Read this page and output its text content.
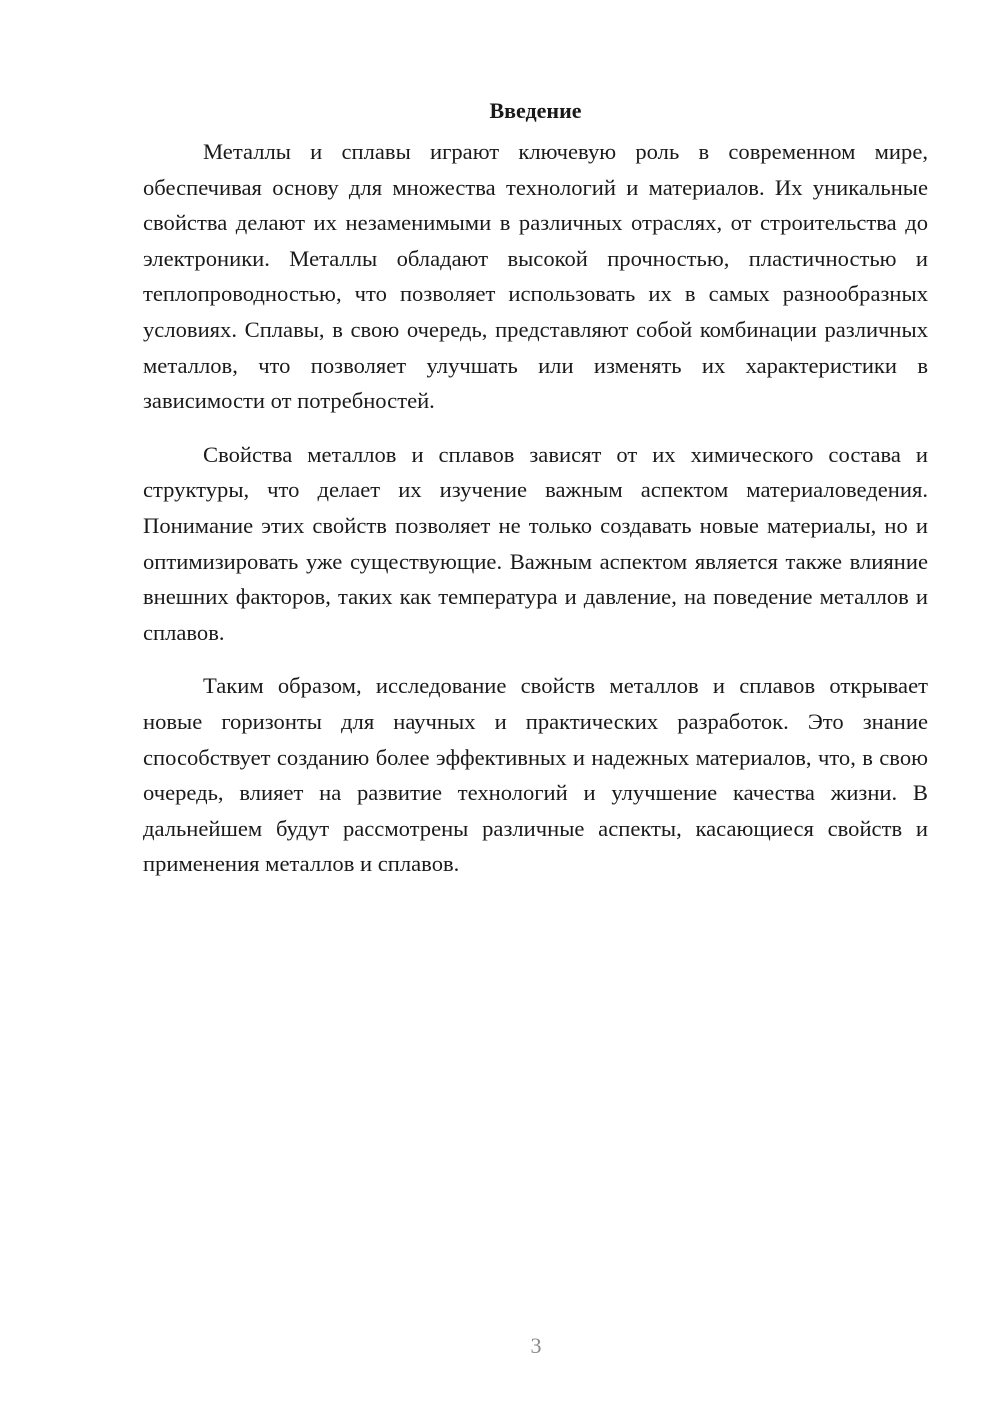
Введение

Металлы и сплавы играют ключевую роль в современном мире, обеспечивая основу для множества технологий и материалов. Их уникальные свойства делают их незаменимыми в различных отраслях, от строительства до электроники. Металлы обладают высокой прочностью, пластичностью и теплопроводностью, что позволяет использовать их в самых разнообразных условиях. Сплавы, в свою очередь, представляют собой комбинации различных металлов, что позволяет улучшать или изменять их характеристики в зависимости от потребностей.

Свойства металлов и сплавов зависят от их химического состава и структуры, что делает их изучение важным аспектом материаловедения. Понимание этих свойств позволяет не только создавать новые материалы, но и оптимизировать уже существующие. Важным аспектом является также влияние внешних факторов, таких как температура и давление, на поведение металлов и сплавов.

Таким образом, исследование свойств металлов и сплавов открывает новые горизонты для научных и практических разработок. Это знание способствует созданию более эффективных и надежных материалов, что, в свою очередь, влияет на развитие технологий и улучшение качества жизни. В дальнейшем будут рассмотрены различные аспекты, касающиеся свойств и применения металлов и сплавов.

3
